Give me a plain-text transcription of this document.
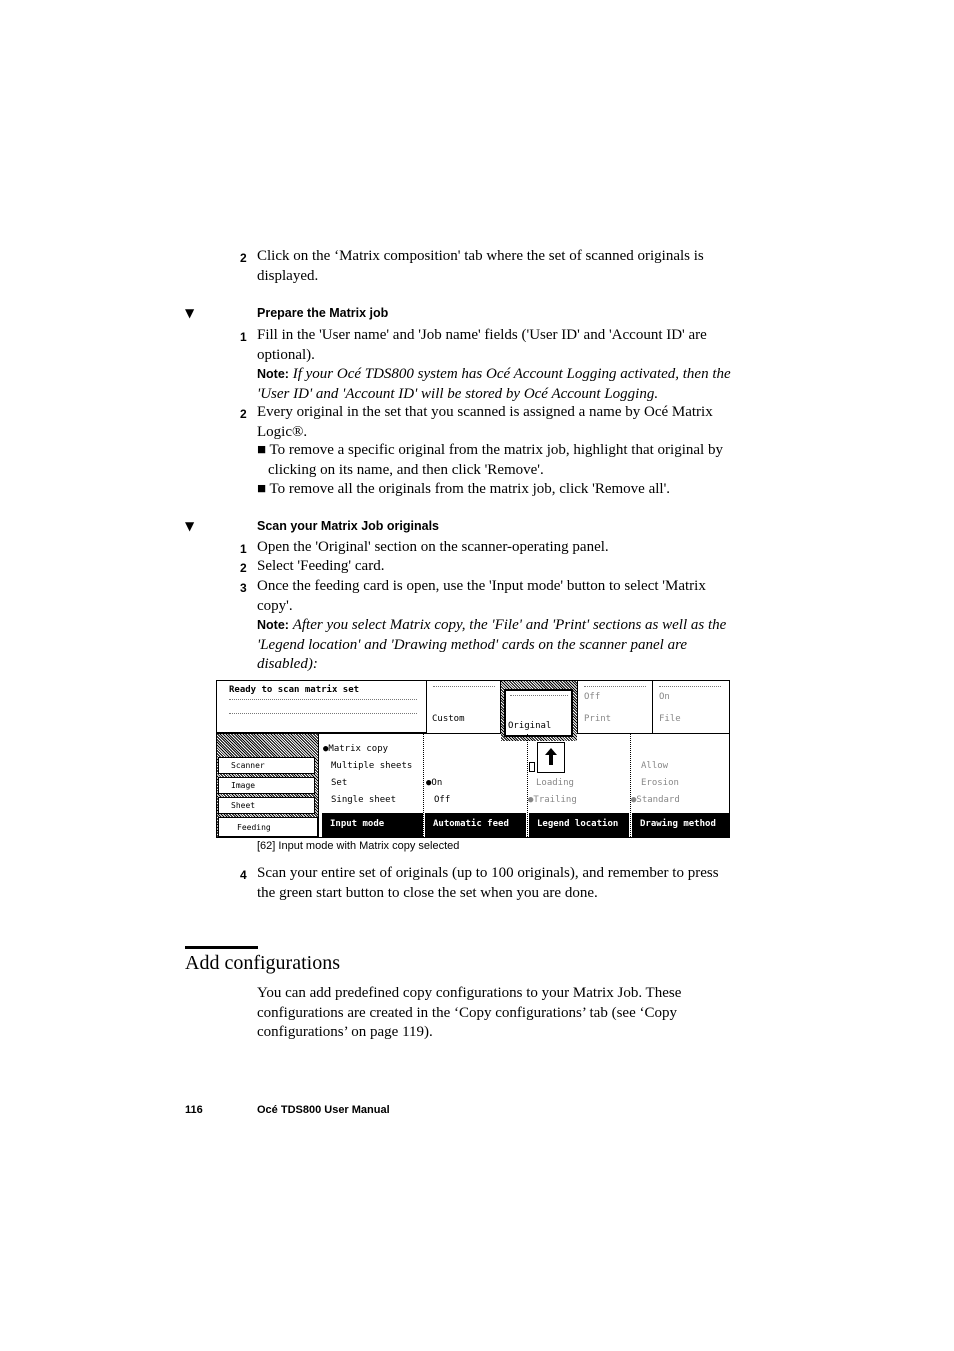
2 Click on the ‘Matrix composition' tab where the set of scanned originals is displayed.
▼	Prepare the Matrix job
1 Fill in the 'User name' and 'Job name' fields ('User ID' and 'Account ID' are optional).
Note: If your Océ TDS800 system has Océ Account Logging activated, then the 'User ID' and 'Account ID' will be stored by Océ Account Logging.
2 Every original in the set that you scanned is assigned a name by Océ Matrix Logic®.
■ To remove a specific original from the matrix job, highlight that original by clicking on its name, and then click 'Remove'.
■ To remove all the originals from the matrix job, click 'Remove all'.
▼	Scan your Matrix Job originals
1 Open the 'Original' section on the scanner-operating panel.
2 Select 'Feeding' card.
3 Once the feeding card is open, use the 'Input mode' button to select 'Matrix copy'.
Note: After you select Matrix copy, the 'File' and 'Print' sections as well as the 'Legend location' and 'Drawing method' cards on the scanner panel are disabled):
Ready to scan matrix set
Custom
Original
Off
Print
On
File
Scanner
Image
Sheet
Feeding
●Matrix copy
Multiple sheets
Set
Single sheet
Input mode
●On
Off
Automatic feed
Loading
●Trailing
Legend location
Allow
Erosion
●Standard
Drawing method
[62] Input mode with Matrix copy selected
4 Scan your entire set of originals (up to 100 originals), and remember to press the green start button to close the set when you are done.
Add configurations
You can add predefined copy configurations to your Matrix Job. These configurations are created in the ‘Copy configurations’ tab (see ‘Copy configurations’ on page 119).
116	Océ TDS800 User Manual
